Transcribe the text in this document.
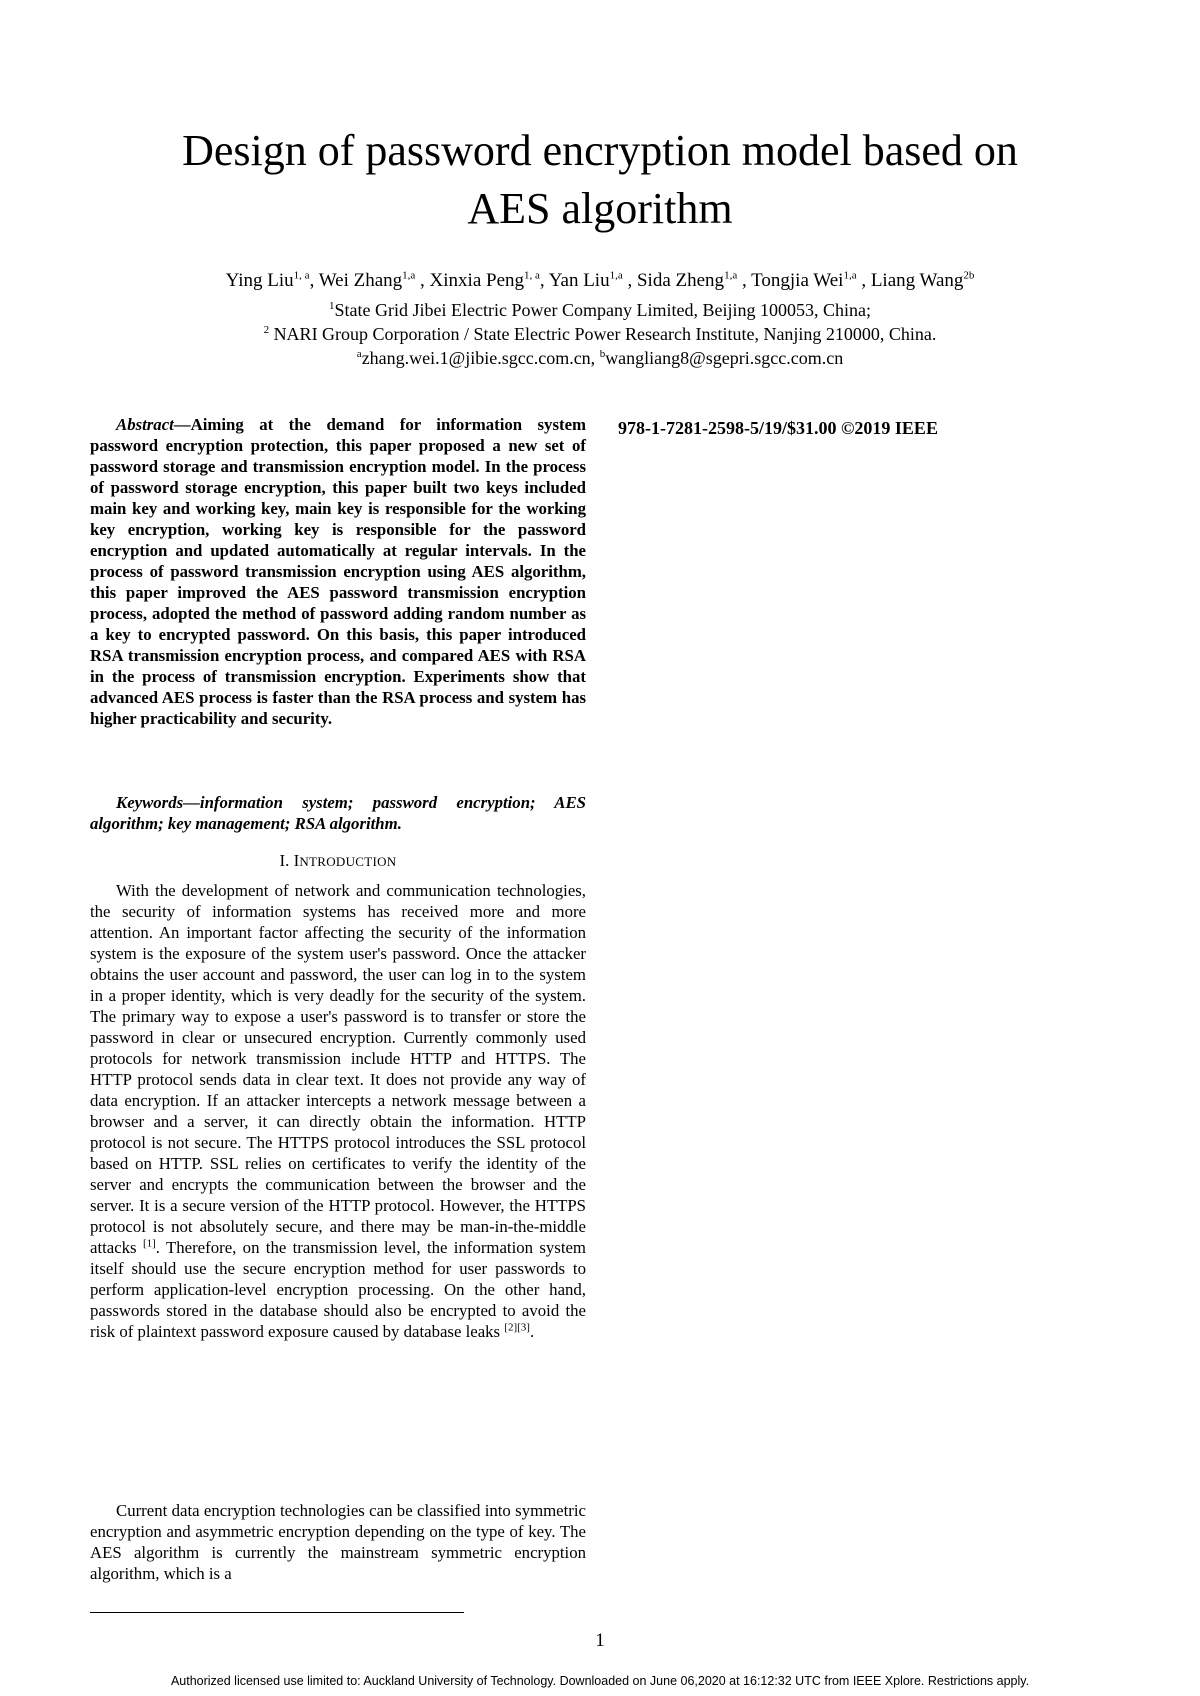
Design of password encryption model based on
AES algorithm
Ying Liu$^{1, a}$, Wei Zhang$^{1,a}$ , Xinxia Peng$^{1, a}$, Yan Liu$^{1,a}$ , Sida Zheng$^{1,a}$ , Tongjia Wei$^{1,a}$ , Liang Wang$^{2b}$
$^1$State Grid Jibei Electric Power Company Limited, Beijing 100053, China;
$^2$ NARI Group Corporation / State Electric Power Research Institute, Nanjing 210000, China.
$^a$zhang.wei.1@jibie.sgcc.com.cn, $^b$wangliang8@sgepri.sgcc.com.cn
Abstract—Aiming at the demand for information system password encryption protection, this paper proposed a new set of password storage and transmission encryption model. In the process of password storage encryption, this paper built two keys included main key and working key, main key is responsible for the working key encryption, working key is responsible for the password encryption and updated automatically at regular intervals. In the process of password transmission encryption using AES algorithm, this paper improved the AES password transmission encryption process, adopted the method of password adding random number as a key to encrypted password. On this basis, this paper introduced RSA transmission encryption process, and compared AES with RSA in the process of transmission encryption. Experiments show that advanced AES process is faster than the RSA process and system has higher practicability and security.
Keywords—information system; password encryption; AES algorithm; key management; RSA algorithm.
I. INTRODUCTION
With the development of network and communication technologies, the security of information systems has received more and more attention. An important factor affecting the security of the information system is the exposure of the system user's password. Once the attacker obtains the user account and password, the user can log in to the system in a proper identity, which is very deadly for the security of the system. The primary way to expose a user's password is to transfer or store the password in clear or unsecured encryption. Currently commonly used protocols for network transmission include HTTP and HTTPS. The HTTP protocol sends data in clear text. It does not provide any way of data encryption. If an attacker intercepts a network message between a browser and a server, it can directly obtain the information. HTTP protocol is not secure. The HTTPS protocol introduces the SSL protocol based on HTTP. SSL relies on certificates to verify the identity of the server and encrypts the communication between the browser and the server. It is a secure version of the HTTP protocol. However, the HTTPS protocol is not absolutely secure, and there may be man-in-the-middle attacks [1]. Therefore, on the transmission level, the information system itself should use the secure encryption method for user passwords to perform application-level encryption processing. On the other hand, passwords stored in the database should also be encrypted to avoid the risk of plaintext password exposure caused by database leaks [2][3].
Current data encryption technologies can be classified into symmetric encryption and asymmetric encryption depending on the type of key. The AES algorithm is currently the mainstream symmetric encryption algorithm, which is a
978-1-7281-2598-5/19/$31.00 ©2019 IEEE
1
Authorized licensed use limited to: Auckland University of Technology. Downloaded on June 06,2020 at 16:12:32 UTC from IEEE Xplore. Restrictions apply.
